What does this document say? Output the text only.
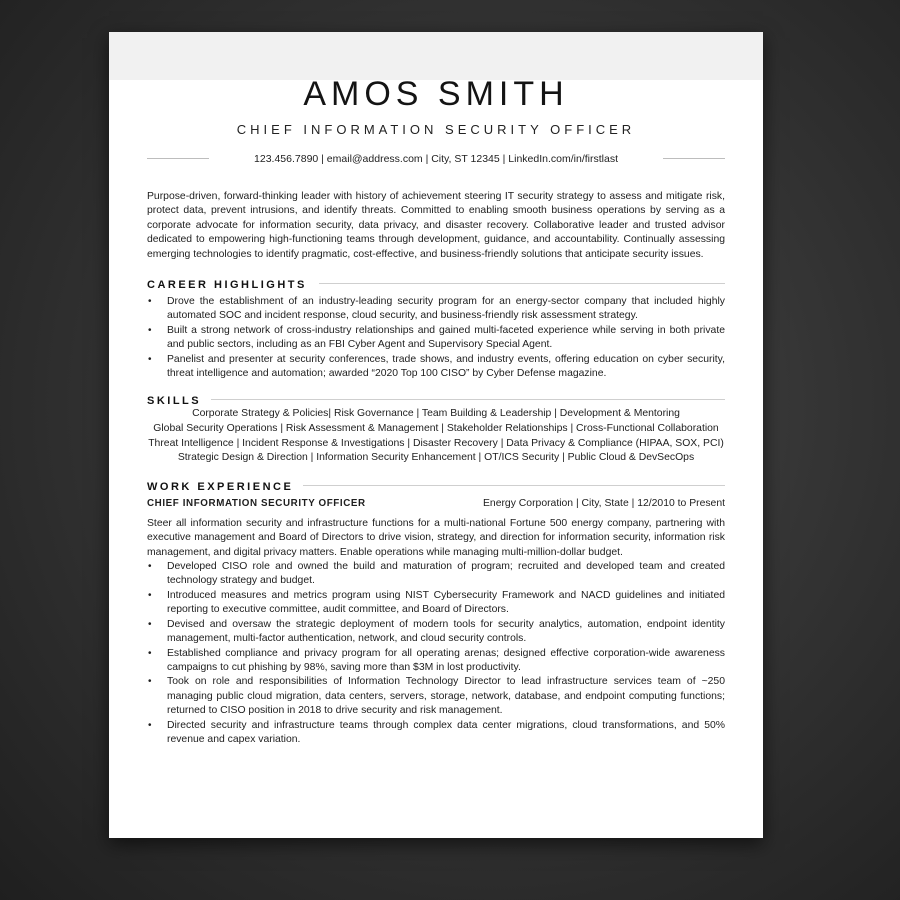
AMOS SMITH
CHIEF INFORMATION SECURITY OFFICER
123.456.7890 | email@address.com | City, ST 12345 | LinkedIn.com/in/firstlast

Purpose-driven, forward-thinking leader with history of achievement steering IT security strategy to assess and mitigate risk, protect data, prevent intrusions, and identify threats. Committed to enabling smooth business operations by serving as a corporate advocate for information security, data privacy, and disaster recovery. Collaborative leader and trusted advisor dedicated to empowering high-functioning teams through development, guidance, and accountability. Continually assessing emerging technologies to identify pragmatic, cost-effective, and business-friendly solutions that anticipate security issues.

CAREER HIGHLIGHTS
• Drove the establishment of an industry-leading security program for an energy-sector company that included highly automated SOC and incident response, cloud security, and business-friendly risk assessment strategy.
• Built a strong network of cross-industry relationships and gained multi-faceted experience while serving in both private and public sectors, including as an FBI Cyber Agent and Supervisory Special Agent.
• Panelist and presenter at security conferences, trade shows, and industry events, offering education on cyber security, threat intelligence and automation; awarded “2020 Top 100 CISO” by Cyber Defense magazine.
SKILLS
Corporate Strategy & Policies| Risk Governance | Team Building & Leadership | Development & Mentoring
Global Security Operations | Risk Assessment & Management | Stakeholder Relationships | Cross-Functional Collaboration
Threat Intelligence | Incident Response & Investigations | Disaster Recovery | Data Privacy & Compliance (HIPAA, SOX, PCI)
Strategic Design & Direction | Information Security Enhancement | OT/ICS Security | Public Cloud & DevSecOps
WORK EXPERIENCE
CHIEF INFORMATION SECURITY OFFICER	Energy Corporation | City, State | 12/2010 to Present

Steer all information security and infrastructure functions for a multi-national Fortune 500 energy company, partnering with executive management and Board of Directors to drive vision, strategy, and direction for information security, information risk management, and digital privacy matters. Enable operations while managing multi-million-dollar budget.

• Developed CISO role and owned the build and maturation of program; recruited and developed team and created technology strategy and budget.
• Introduced measures and metrics program using NIST Cybersecurity Framework and NACD guidelines and initiated reporting to executive committee, audit committee, and Board of Directors.
• Devised and oversaw the strategic deployment of modern tools for security analytics, automation, endpoint identity management, multi-factor authentication, network, and cloud security controls.
• Established compliance and privacy program for all operating arenas; designed effective corporation-wide awareness campaigns to cut phishing by 98%, saving more than $3M in lost productivity.
• Took on role and responsibilities of Information Technology Director to lead infrastructure services team of ~250 managing public cloud migration, data centers, servers, storage, network, database, and endpoint computing functions; returned to CISO position in 2018 to drive security and risk management.
• Directed security and infrastructure teams through complex data center migrations, cloud transformations, and 50% revenue and capex variation.
